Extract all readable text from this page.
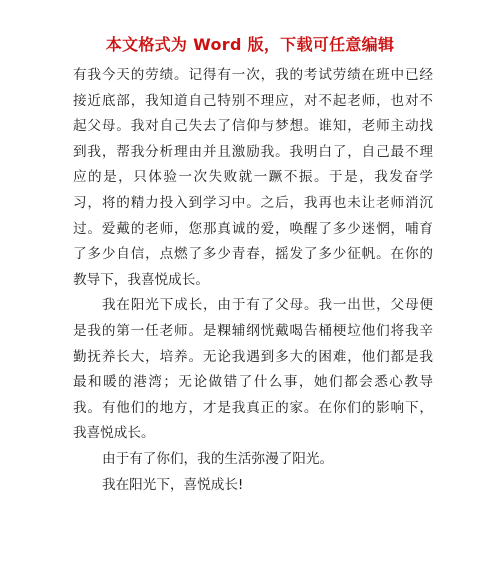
本文格式为 Word 版，下载可任意编辑
有我今天的劳绩。记得有一次，我的考试劳绩在班中已经
接近底部，我知道自己特别不理应，对不起老师，也对不
起父母。我对自己失去了信仰与梦想。谁知，老师主动找
到我，帮我分析理由并且激励我。我明白了，自己最不理
应的是，只体验一次失败就一蹶不振。于是，我发奋学
习，将的精力投入到学习中。之后，我再也未让老师消沉
过。爱戴的老师，您那真诚的爱，唤醒了多少迷惘，哺育
了多少自信，点燃了多少青春，摇发了多少征帆。在你的
教导下，我喜悦成长。
我在阳光下成长，由于有了父母。我一出世，父母便
是我的第一任老师。是粿辅纲恍戴喝告桶梗垃他们将我辛
勤抚养长大，培养。无论我遇到多大的困难，他们都是我
最和暖的港湾；无论做错了什么事，她们都会悉心教导
我。有他们的地方，才是我真正的家。在你们的影响下，
我喜悦成长。
由于有了你们，我的生活弥漫了阳光。
我在阳光下，喜悦成长!
